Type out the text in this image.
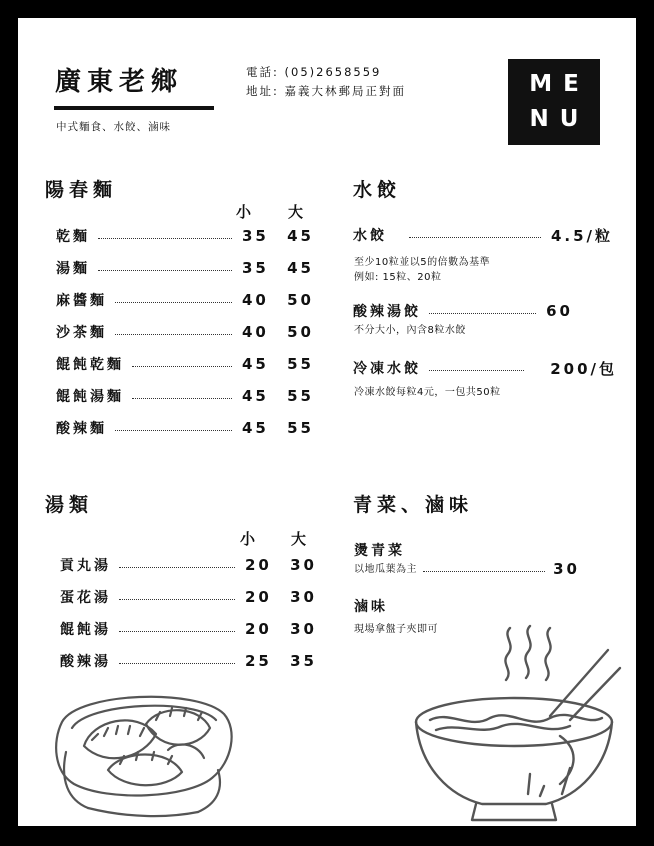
廣東老鄉
中式麵食、水餃、滷味
電話: (05)2658559
地址: 嘉義大林郵局正對面	ME
NU
陽春麵
小 大
乾麵	35	45
湯麵	35	45
麻醬麵	40	50
沙茶麵	40	50
餛飩乾麵	45	55
餛飩湯麵	45	55
酸辣麵	45	55
水餃
水餃	4.5/粒
至少10粒並以5的倍數為基準
例如: 15粒、20粒
酸辣湯餃	60
不分大小，內含8粒水餃
冷凍水餃	200/包
冷凍水餃每粒4元，一包共50粒
湯類
小 大
貢丸湯	20	30
蛋花湯	20	30
餛飩湯	20	30
酸辣湯	25	35
青菜、滷味
燙青菜
以地瓜葉為主	30
滷味
現場拿盤子夾即可
